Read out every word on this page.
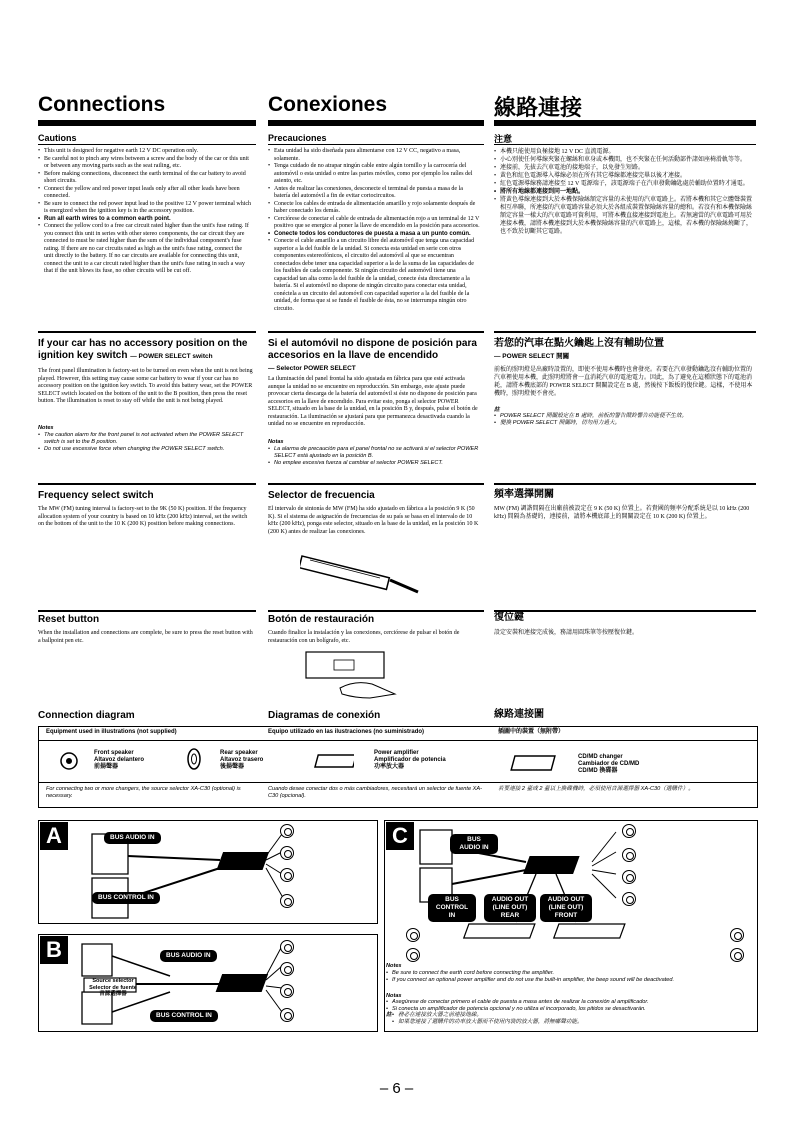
Connections	Conexiones	線路連接
Cautions
• This unit is designed for negative earth 12 V DC operation only.
• Be careful not to pinch any wires between a screw and the body of the car or this unit or between any moving parts such as the seat railing, etc.
• Before making connections, disconnect the earth terminal of the car battery to avoid short circuits.
• Connect the yellow and red power input leads only after all other leads have been connected.
• Be sure to connect the red power input lead to the positive 12 V power terminal which is energized when the ignition key is in the accessory position.
• Run all earth wires to a common earth point.
• Connect the yellow cord to a free car circuit rated higher than the unit's fuse rating. If you connect this unit in series with other stereo components, the car circuit they are connected to must be rated higher than the sum of the individual component's fuse rating. If there are no car circuits rated as high as the unit's fuse rating, connect the unit directly to the battery. If no car circuits are available for connecting this unit, connect the unit to a car circuit rated higher than the unit's fuse rating in such a way that if the unit blows its fuse, no other circuits will be cut off.
Precauciones
• Esta unidad ha sido diseñada para alimentarse con 12 V CC, negativo a masa, solamente.
• Tenga cuidado de no atrapar ningún cable entre algún tornillo y la carrocería del automóvil o esta unidad o entre las partes móviles, como por ejemplo los raíles del asiento, etc.
• Antes de realizar las conexiones, desconecte el terminal de puesta a masa de la batería del automóvil a fin de evitar cortocircuitos.
• Conecte los cables de entrada de alimentación amarillo y rojo solamente después de haber conectado los demás.
• Cerciórese de conectar el cable de entrada de alimentación rojo a un terminal de 12 V positivo que se energice al poner la llave de encendido en la posición para accesorios.
• Conecte todos los conductores de puesta a masa a un punto común.
• Conecte el cable amarillo a un circuito libre del automóvil que tenga una capacidad superior a la del fusible de la unidad. Si conecta esta unidad en serie con otros componentes estereofónicos, el circuito del automóvil al que se encuentran conectados debe tener una capacidad superior a la de la suma de las capacidades de los fusibles de cada componente. Si ningún circuito del automóvil tiene una capacidad tan alta como la del fusible de la unidad, conecte ésta directamente a la batería. Si el automóvil no dispone de ningún circuito para conectar esta unidad, conéctela a un circuito del automóvil con capacidad superior a la del fusible de la unidad, de forma que si se funde el fusible de ésta, no se interrumpa ningún otro circuito.
注意
• 本機只能使用負極接地 12 V DC 直流電源。
• 小心別使任何導線夾緊在螺絲和車身或本機間，也不夾緊在任何活動部件諸如座椅滑軌等等。
• 連接前，先拔去汽車電池的接地端子，以免發生短路。
• 黃色和紅色電源導入導線必須在所有其它導線都連接完畢以後才連接。
• 紅色電源導線務請連接至 12 V 電源端子，該電源端子在汽車發動鑰匙處於輔助位置時才通電。
• 將所有地線都連接到同一地點。
• 將黃色導線連接到大於本機保險絲額定容量的未使用的汽車電路上。若將本機和其它立體聲裝置相互串聯，所連接的汽車電路容量必須大於各組成裝置保險絲容量的總和。若沒有和本機保險絲額定容量一樣大的汽車電路可資利用，可將本機直接連接到電池上。若無適當的汽車電路可用於連接本機，請將本機連接到大於本機保險絲容量的汽車電路上，這樣，若本機的保險絲燒斷了，也不致於切斷其它電路。
If your car has no accessory position on the ignition key switch — POWER SELECT switch
The front panel illumination is factory-set to be turned on even when the unit is not being played. However, this setting may cause some car battery to wear if your car has no accessory position on the ignition key switch. To avoid this battery wear, set the POWER SELECT switch located on the bottom of the unit to the B position, then press the reset button. The illumination is reset to stay off while the unit is not being played.
Notes
• The caution alarm for the front panel is not activated when the POWER SELECT switch is set to the B position.
• Do not use excessive force when changing the POWER SELECT switch.
Si el automóvil no dispone de posición para accesorios en la llave de encendido
— Selector POWER SELECT
La iluminación del panel frontal ha sido ajustada en fábrica para que esté activada aunque la unidad no se encuentre en reproducción. Sin embargo, este ajuste puede provocar cierta descarga de la batería del automóvil si éste no dispone de posición para accesorios en la llave de encendido. Para evitar esto, ponga el selector POWER SELECT, situado en la base de la unidad, en la posición B y, después, pulse el botón de restauración. La iluminación se ajustará para que permanezca desactivada cuando la unidad no se encuentre en reproducción.
Notas
• La alarma de precaución para el panel frontal no se activará si el selector POWER SELECT está ajustado en la posición B.
• No emplee excesiva fuerza al cambiar el selector POWER SELECT.
若您的汽車在點火鑰匙上沒有輔助位置
— POWER SELECT 開關
前板的照明燈是出廠時設置的，即使不使用本機時也會發亮。若要在汽車發動鑰匙沒有輔助位置的汽車裡使用本機，此照明燈將會一直消耗汽車的電池電力。因此，為了避免在這種狀態下的電池消耗，請將本機底部的 POWER SELECT 開關設定在 B 處，然後按下飯板的復位鍵。這樣，不使用本機時，照明燈便不會亮。
註
• POWER SELECT 開關設定在 B 處時，前板的警告鬧鈴響告功能便不生效。
• 變換 POWER SELECT 開關時，切勿用力過大。
Frequency select switch
The MW (FM) tuning interval is factory-set to the 9K (50 K) position. If the frequency allocation system of your country is based on 10 kHz (200 kHz) interval, set the switch on the bottom of the unit to the 10 K (200 K) position before making connections.
Selector de frecuencia
El intervalo de sintonía de MW (FM) ha sido ajustado en fábrica a la posición 9 K (50 K). Si el sistema de asignación de frecuencias de su país se basa en el intervalo de 10 kHz (200 kHz), ponga este selector, situado en la base de la unidad, en la posición 10 K (200 K) antes de realizar las conexiones.
頻率選擇開關
MW (FM) 調諧間隔在出廠前被設定在 9 K (50 K) 位置上。若貴國的頻率分配系統是以 10 kHz (200 kHz) 間隔為基礎的，連接前，請將本機底部上的開關設定在 10 K (200 K) 位置上。
Reset button
When the installation and connections are complete, be sure to press the reset button with a ballpoint pen etc.
Botón de restauración
Cuando finalice la instalación y las conexiones, cerciórese de pulsar el botón de restauración con un bolígrafo, etc.
復位鍵
設定安裝和連接完成後，務請用圓珠筆等按壓復位鍵。
Connection diagram	Diagramas de conexión	線路連接圖
Equipment used in illustrations (not supplied)	Equipo utilizado en las ilustraciones (no suministrado)	插圖中的裝置（無附帶）
Front speaker
Altavoz delantero
前揚聲器
Rear speaker
Altavoz trasero
後揚聲器
Power amplifier
Amplificador de potencia
功率放大器
CD/MD changer
Cambiador de CD/MD
CD/MD 換碟器
For connecting two or more changers, the source selector XA-C30 (optional) is necessary.
Cuando desee conectar dos o más cambiadores, necesitará un selector de fuente XA-C30 (opcional).
若要連接 2 臺或 2 臺以上換碟機時，必須使用音源選擇器 XA-C30（選購件）。
A	BUS AUDIO IN
BUS CONTROL IN
B
Source selector
Selector de fuente
音源選擇器
BUS AUDIO IN
BUS CONTROL IN
C	BUS AUDIO IN
BUS CONTROL IN
AUDIO OUT (LINE OUT) REAR
AUDIO OUT (LINE OUT) FRONT
Notes
• Be sure to connect the earth cord before connecting the amplifier.
• If you connect an optional power amplifier and do not use the built-in amplifier, the beep sound will be deactivated.
Notas
• Asegúrese de conectar primero el cable de puesta a masa antes de realizar la conexión al amplificador.
• Si conecta un amplificador de potencia opcional y no utiliza el incorporado, los pitidos se desactivarán.
註	• 務必在連接放大器之前連接地線。
• 如果您連接了選購件的功率放大器而不使用內裝的放大器，將無嘟聲功能。
– 6 –
